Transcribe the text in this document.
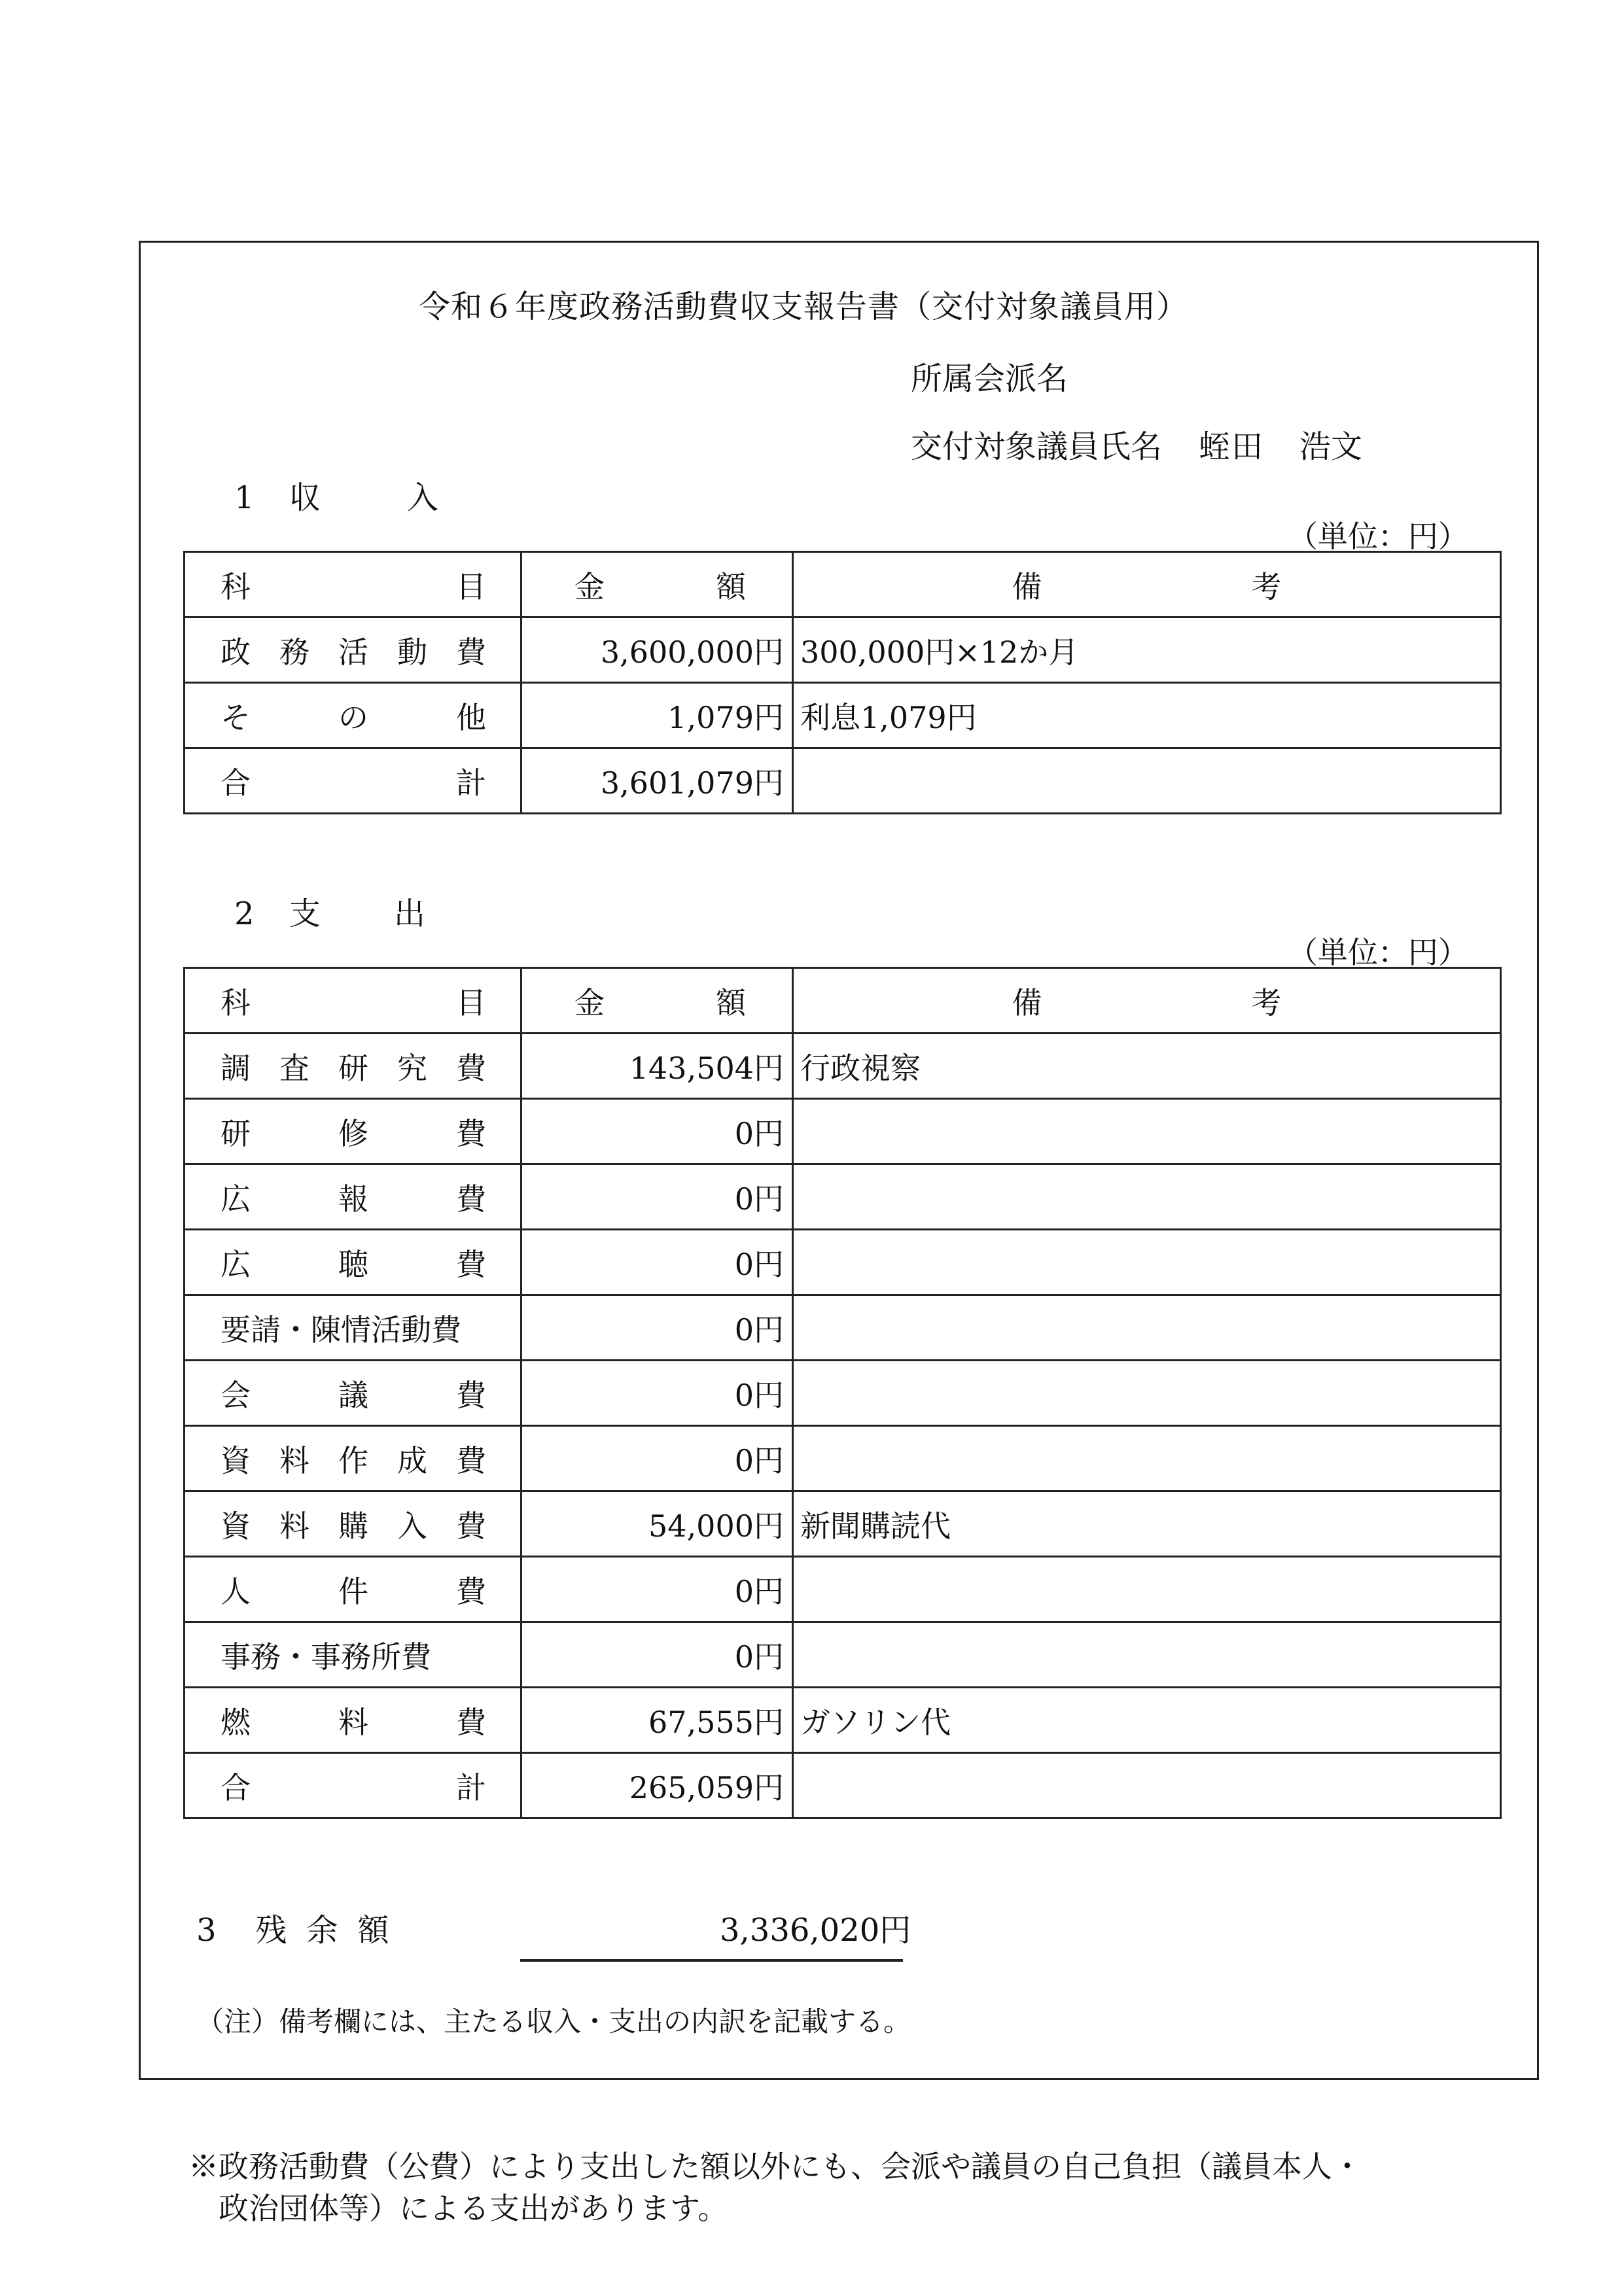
令和６年度政務活動費収支報告書（交付対象議員用）
所属会派名
交付対象議員氏名 蛭田 浩文
1 収	入
（単位：円）
科 目	金 額	備 考

政 務 活 動 費	3,600,000円	300,000円×12か月

そ の 他	1,079円	利息1,079円

合 計	3,601,079円	
2 支 出
（単位：円）
科 目	金 額	備 考

調 査 研 究 費	143,504円	行政視察

研 修 費	0円	

広 報 費	0円	

広 聴 費	0円	

要請・陳情活動費	0円	

会 議 費	0円	

資 料 作 成 費	0円	

資 料 購 入 費	54,000円	新聞購読代

人 件 費	0円	

事務・事務所費	0円	

燃 料 費	67,555円	ガソリン代

合 計	265,059円	
3 残余額	3,336,020円
（注）備考欄には、主たる収入・支出の内訳を記載する。
※政務活動費（公費）により支出した額以外にも、会派や議員の自己負担（議員本人・
政治団体等）による支出があります。
